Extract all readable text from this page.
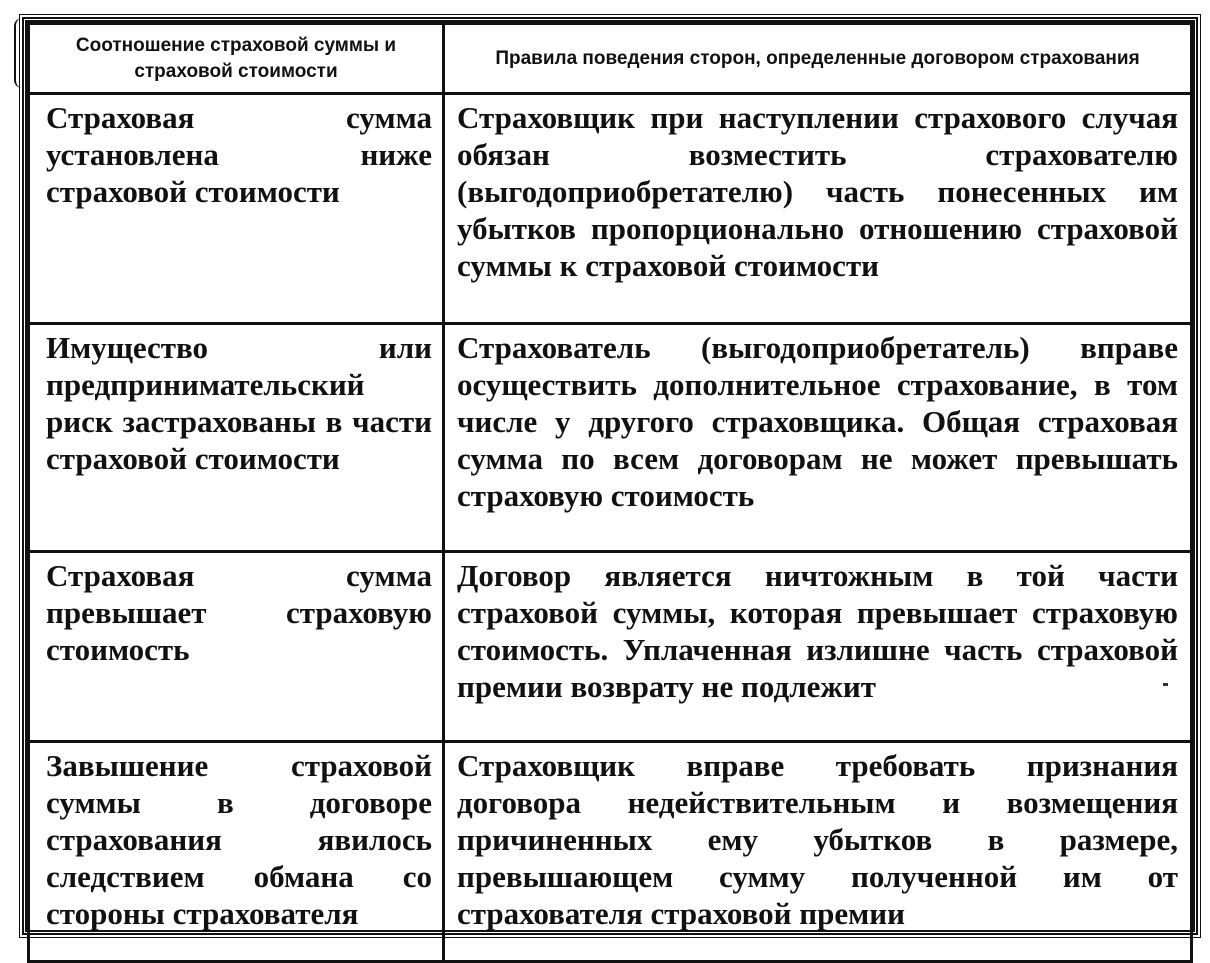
Соотношение страховой суммы и страховой стоимости	Правила поведения сторон, определенные договором страхования
Страховая сумма установлена ниже страховой стоимости	Страховщик при наступлении страхового случая обязан возместить страхователю (выгодоприобретателю) часть понесенных им убытков пропорционально отношению страховой суммы к страховой стоимости
Имущество или предпринимательский риск застрахованы в части страховой стоимости	Страхователь (выгодоприобретатель) вправе осуществить дополнительное страхование, в том числе у другого страховщика. Общая страховая сумма по всем договорам не может превышать страховую стоимость
Страховая сумма превышает страховую стоимость	Договор является ничтожным в той части страховой суммы, которая превышает страховую стоимость. Уплаченная излишне часть страховой премии возврату не подлежит
Завышение страховой суммы в договоре страхования явилось следствием обмана со стороны страхователя	Страховщик вправе требовать признания договора недействительным и возмещения причиненных ему убытков в размере, превышающем сумму полученной им от страхователя страховой премии
